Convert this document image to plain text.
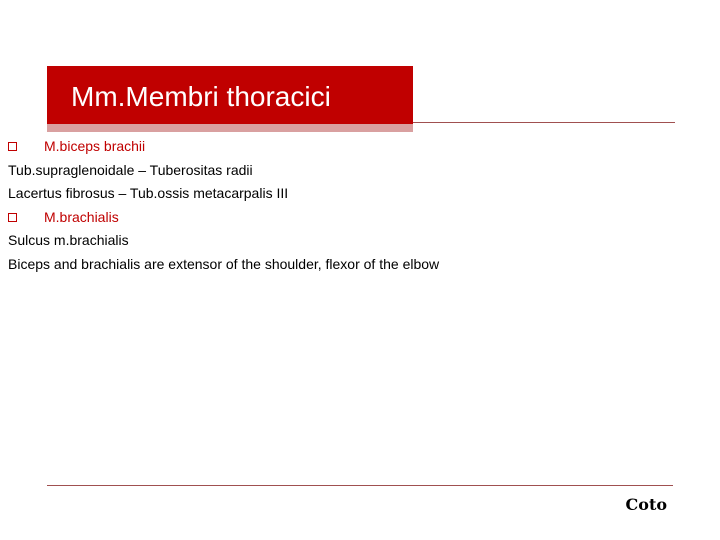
Mm.Membri thoracici
M.biceps brachii
Tub.supraglenoidale – Tuberositas radii
Lacertus fibrosus – Tub.ossis metacarpalis III
M.brachialis
Sulcus m.brachialis
Biceps and brachialis are extensor of the shoulder, flexor of the elbow
Coto
